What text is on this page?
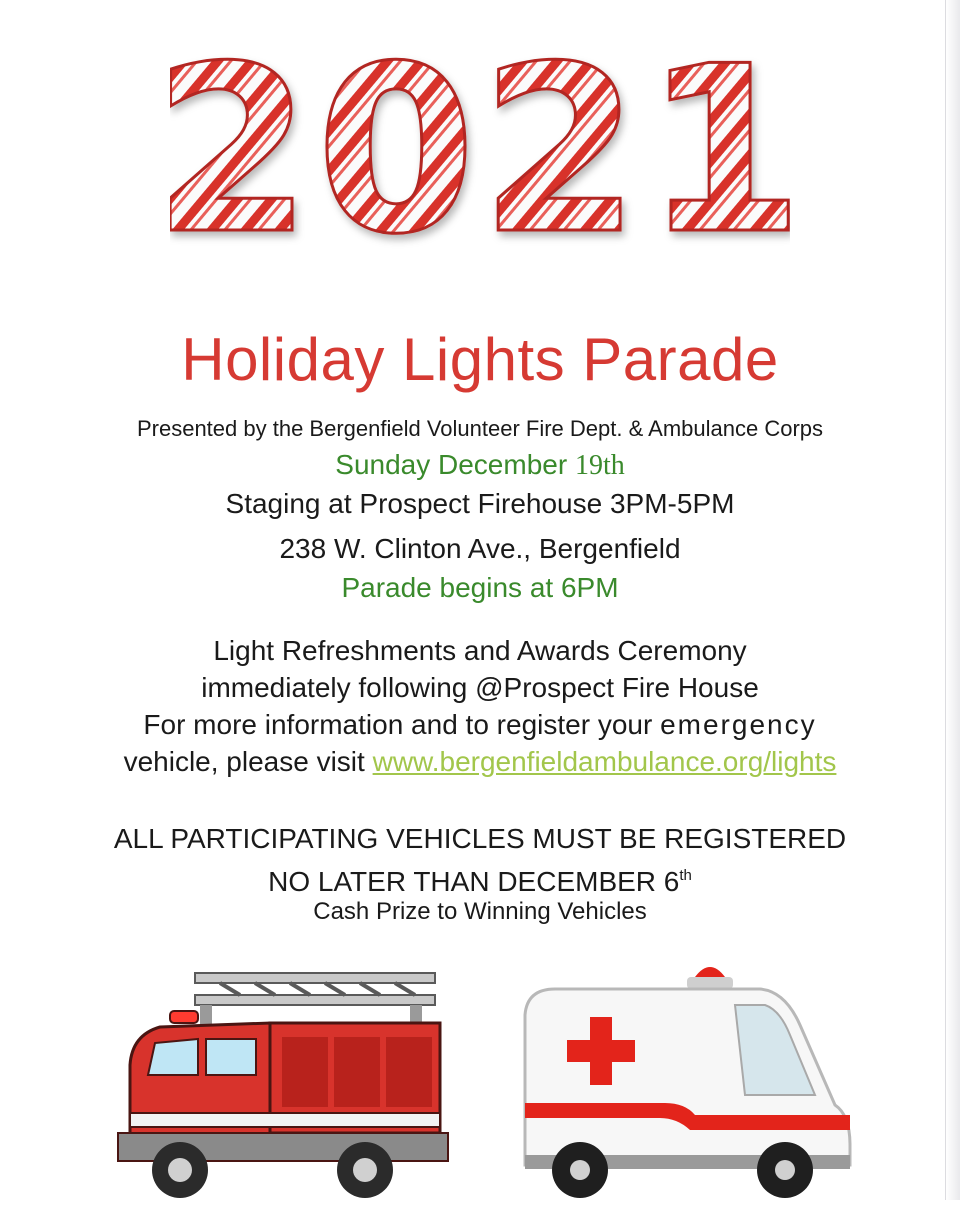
2021
Holiday Lights Parade
Presented by the Bergenfield Volunteer Fire Dept. & Ambulance Corps
Sunday December 19th
Staging at Prospect Firehouse 3PM-5PM
238 W. Clinton Ave., Bergenfield
Parade begins at 6PM
Light Refreshments and Awards Ceremony
immediately following @Prospect Fire House
For more information and to register your emergency
vehicle, please visit www.bergenfieldambulance.org/lights
ALL PARTICIPATING VEHICLES MUST BE REGISTERED
NO LATER THAN DECEMBER 6th
Cash Prize to Winning Vehicles
